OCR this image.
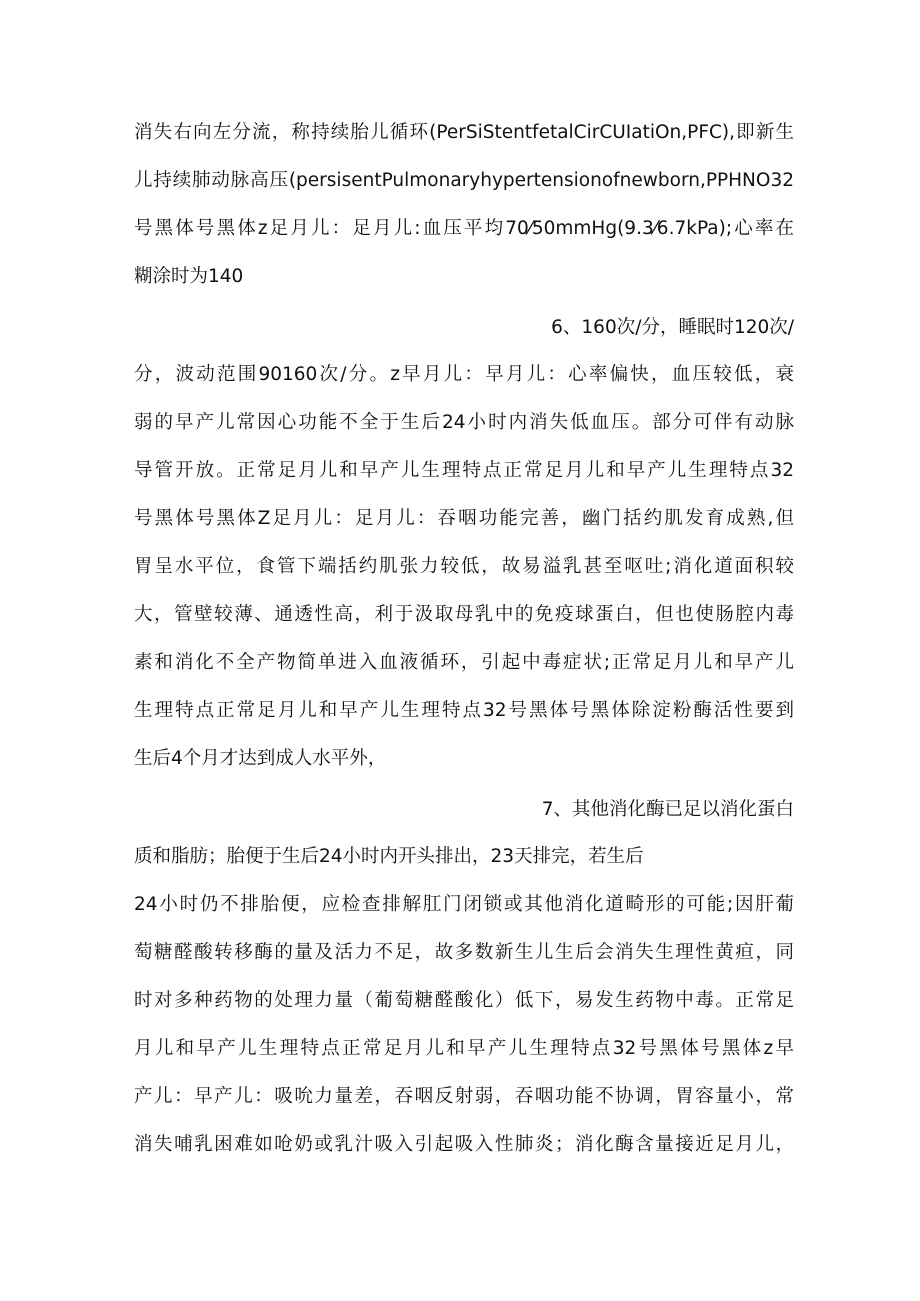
消失右向左分流，称持续胎儿循环(PerSiStentfetalCirCUIatiOn,PFC),即新生
儿持续肺动脉高压(persisentPulmonaryhypertensionofnewborn,PPHNO32
号黑体号黑体z足月儿：足月儿:血压平均70⁄50mmHg(9.3⁄6.7kPa);心率在
糊涂时为140
6、160次/分，睡眠时120次/
分，波动范围90160次/分。z早月儿：早月儿：心率偏快，血压较低，衰
弱的早产儿常因心功能不全于生后24小时内消失低血压。部分可伴有动脉
导管开放。正常足月儿和早产儿生理特点正常足月儿和早产儿生理特点32
号黑体号黑体Z足月儿：足月儿：吞咽功能完善，幽门括约肌发育成熟,但
胃呈水平位，食管下端括约肌张力较低，故易溢乳甚至呕吐;消化道面积较
大，管壁较薄、通透性高，利于汲取母乳中的免疫球蛋白，但也使肠腔内毒
素和消化不全产物简单进入血液循环，引起中毒症状;正常足月儿和早产儿
生理特点正常足月儿和早产儿生理特点32号黑体号黑体除淀粉酶活性要到
生后4个月才达到成人水平外，
7、其他消化酶已足以消化蛋白
质和脂肪；胎便于生后24小时内开头排出，23天排完，若生后
24小时仍不排胎便，应检查排解肛门闭锁或其他消化道畸形的可能;因肝葡
萄糖醛酸转移酶的量及活力不足，故多数新生儿生后会消失生理性黄疸，同
时对多种药物的处理力量（葡萄糖醛酸化）低下，易发生药物中毒。正常足
月儿和早产儿生理特点正常足月儿和早产儿生理特点32号黑体号黑体z早
产儿：早产儿：吸吮力量差，吞咽反射弱，吞咽功能不协调，胃容量小，常
消失哺乳困难如呛奶或乳汁吸入引起吸入性肺炎；消化酶含量接近足月儿，
